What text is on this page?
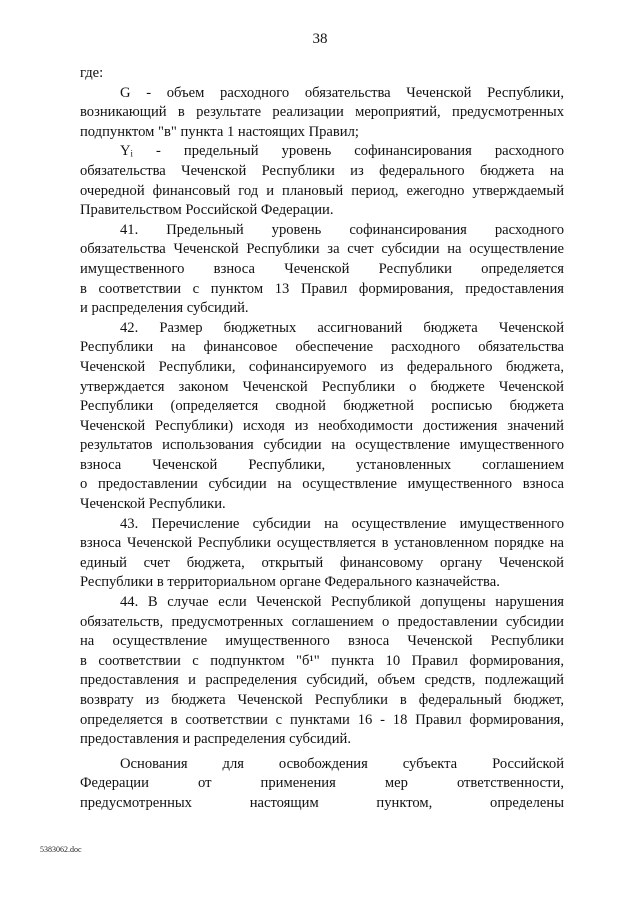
38
где:
G - объем расходного обязательства Чеченской Республики,
возникающий в результате реализации мероприятий, предусмотренных
подпунктом "в" пункта 1 настоящих Правил;
Yᵢ - предельный уровень софинансирования расходного
обязательства Чеченской Республики из федерального бюджета на
очередной финансовый год и плановый период, ежегодно утверждаемый
Правительством Российской Федерации.
41. Предельный уровень софинансирования расходного
обязательства Чеченской Республики за счет субсидии на осуществление
имущественного взноса Чеченской Республики определяется
в соответствии с пунктом 13 Правил формирования, предоставления
и распределения субсидий.
42. Размер бюджетных ассигнований бюджета Чеченской
Республики на финансовое обеспечение расходного обязательства
Чеченской Республики, софинансируемого из федерального бюджета,
утверждается законом Чеченской Республики о бюджете Чеченской
Республики (определяется сводной бюджетной росписью бюджета
Чеченской Республики) исходя из необходимости достижения значений
результатов использования субсидии на осуществление имущественного
взноса Чеченской Республики, установленных соглашением
о предоставлении субсидии на осуществление имущественного взноса
Чеченской Республики.
43. Перечисление субсидии на осуществление имущественного
взноса Чеченской Республики осуществляется в установленном порядке на
единый счет бюджета, открытый финансовому органу Чеченской
Республики в территориальном органе Федерального казначейства.
44. В случае если Чеченской Республикой допущены нарушения
обязательств, предусмотренных соглашением о предоставлении субсидии
на осуществление имущественного взноса Чеченской Республики
в соответствии с подпунктом "б¹" пункта 10 Правил формирования,
предоставления и распределения субсидий, объем средств, подлежащий
возврату из бюджета Чеченской Республики в федеральный бюджет,
определяется в соответствии с пунктами 16 - 18 Правил формирования,
предоставления и распределения субсидий.
Основания для освобождения субъекта Российской
Федерации от применения мер ответственности,
предусмотренных настоящим пунктом, определены
5383062.doc
